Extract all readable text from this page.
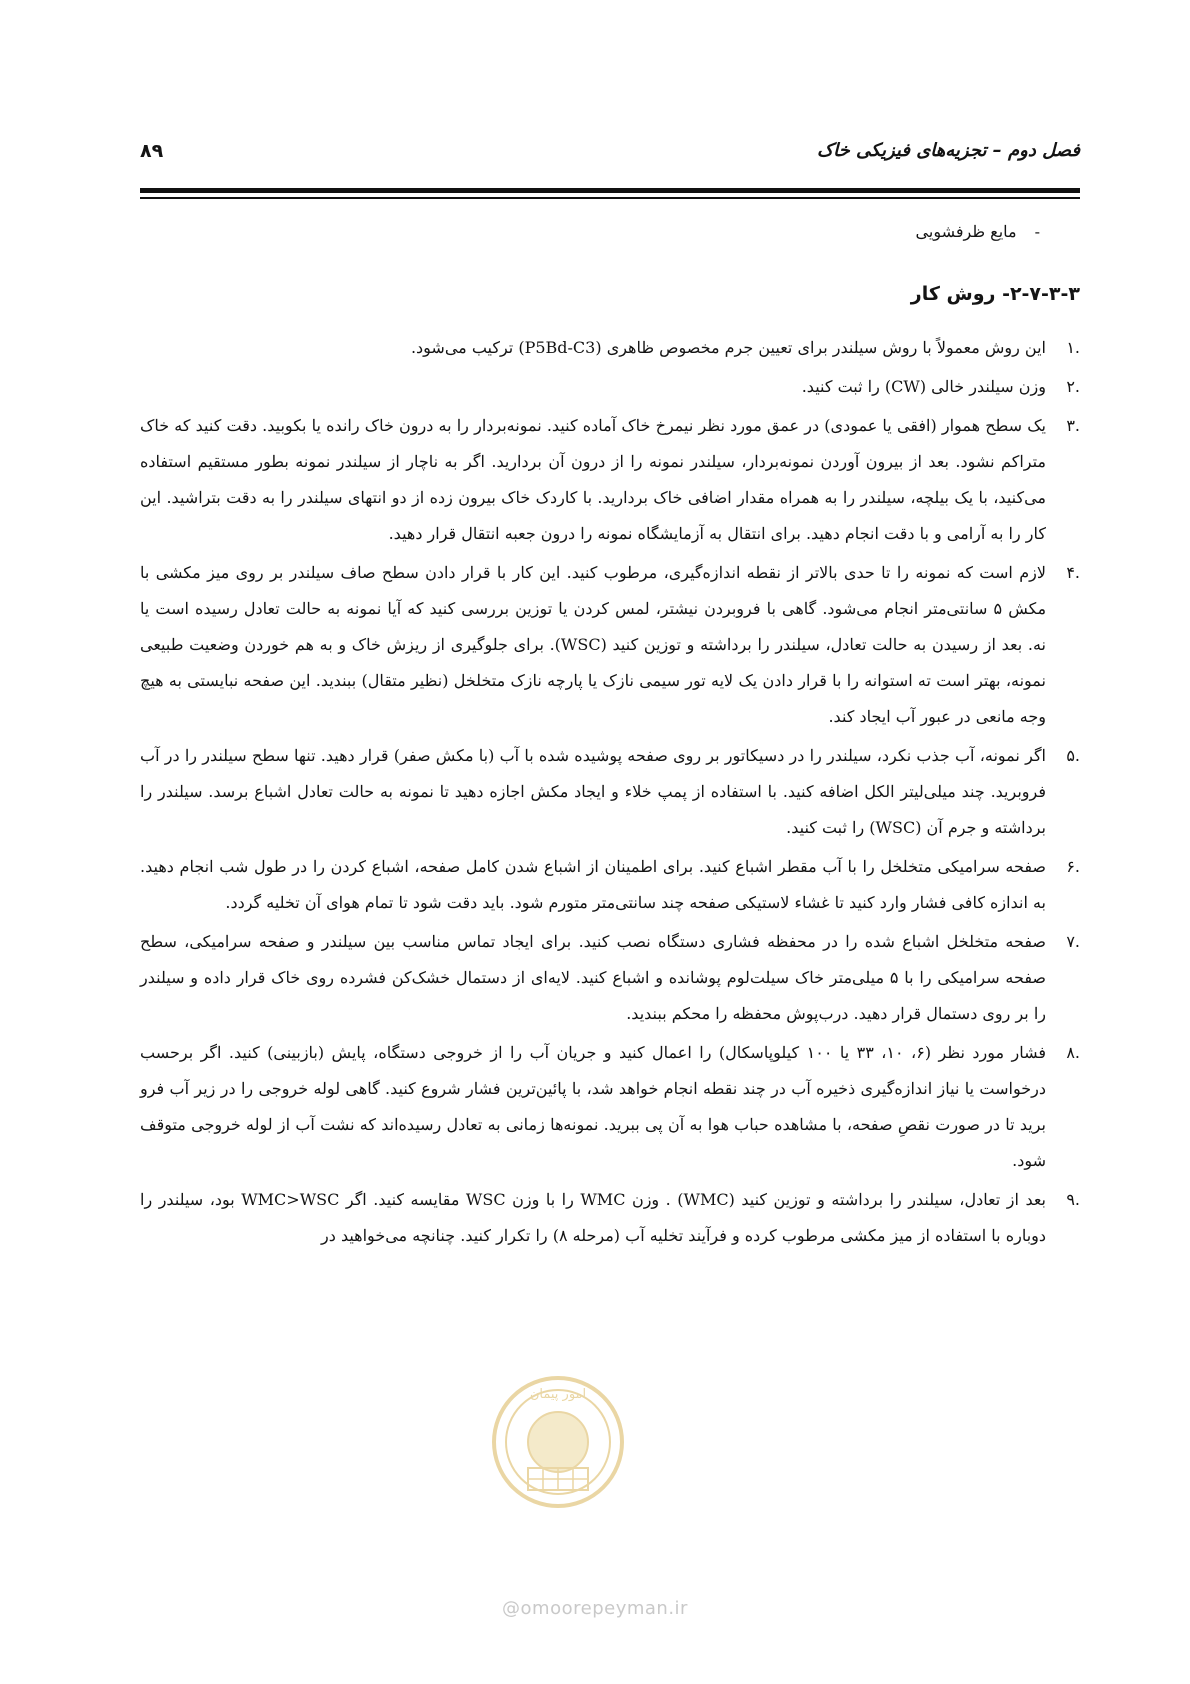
فصل دوم – تجزیه‌های فیزیکی خاک
۸۹
-مایع ظرفشویی
۲-۷-۳-۳- روش کار
.۱
این روش معمولاً با روش سیلندر برای تعیین جرم مخصوص ظاهری (P5Bd-C3) ترکیب می‌شود.
.۲
وزن سیلندر خالی (CW) را ثبت کنید.
.۳
یک سطح هموار (افقی یا عمودی) در عمق مورد نظر نیمرخ خاک آماده کنید. نمونه‌بردار را به درون خاک رانده یا بکوبید. دقت کنید که خاک متراکم نشود. بعد از بیرون آوردن نمونه‌بردار، سیلندر نمونه را از درون آن بردارید. اگر به ناچار از سیلندر نمونه بطور مستقیم استفاده می‌کنید، با یک بیلچه، سیلندر را به همراه مقدار اضافی خاک بردارید. با کاردک خاک بیرون زده از دو انتهای سیلندر را به دقت بتراشید. این کار را به آرامی و با دقت انجام دهید. برای انتقال به آزمایشگاه نمونه را درون جعبه انتقال قرار دهید.
.۴
لازم است که نمونه را تا حدی بالاتر از نقطه اندازه‌گیری، مرطوب کنید. این کار با قرار دادن سطح صاف سیلندر بر روی میز مکشی با مکش ۵ سانتی‌متر انجام می‌شود. گاهی با فروبردن نیشتر، لمس کردن یا توزین بررسی کنید که آیا نمونه به حالت تعادل رسیده است یا نه. بعد از رسیدن به حالت تعادل، سیلندر را برداشته و توزین کنید (WSC). برای جلوگیری از ریزش خاک و به هم خوردن وضعیت طبیعی نمونه، بهتر است ته استوانه را با قرار دادن یک لایه تور سیمی نازک یا پارچه نازک متخلخل (نظیر متقال) ببندید. این صفحه نبایستی به هیچ وجه مانعی در عبور آب ایجاد کند.
.۵
اگر نمونه، آب جذب نکرد، سیلندر را در دسیکاتور بر روی صفحه پوشیده شده با آب (با مکش صفر) قرار دهید. تنها سطح سیلندر را در آب فروبرید. چند میلی‌لیتر الکل اضافه کنید. با استفاده از پمپ خلاء و ایجاد مکش اجازه دهید تا نمونه به حالت تعادل اشباع برسد. سیلندر را برداشته و جرم آن (WSC) را ثبت کنید.
.۶
صفحه سرامیکی متخلخل را با آب مقطر اشباع کنید. برای اطمینان از اشباع شدن کامل صفحه، اشباع کردن را در طول شب انجام دهید. به اندازه کافی فشار وارد کنید تا غشاء لاستیکی صفحه چند سانتی‌متر متورم شود. باید دقت شود تا تمام هوای آن تخلیه گردد.
.۷
صفحه متخلخل اشباع شده را در محفظه فشاری دستگاه نصب کنید. برای ایجاد تماس مناسب بین سیلندر و صفحه سرامیکی، سطح صفحه سرامیکی را با ۵ میلی‌متر خاک سیلت‌لوم پوشانده و اشباع کنید. لایه‌ای از دستمال خشک‌کن فشرده روی خاک قرار داده و سیلندر را بر روی دستمال قرار دهید. درب‌پوش محفظه را محکم ببندید.
.۸
فشار مورد نظر (۶، ۱۰، ۳۳ یا ۱۰۰ کیلوپاسکال) را اعمال کنید و جریان آب را از خروجی دستگاه، پایش (بازبینی) کنید. اگر برحسب درخواست یا نیاز اندازه‌گیری ذخیره آب در چند نقطه انجام خواهد شد، با پائین‌ترین فشار شروع کنید. گاهی لوله خروجی را در زیر آب فرو برید تا در صورت نقصِ صفحه، با مشاهده حباب هوا به آن پی ببرید. نمونه‌ها زمانی به تعادل رسیده‌اند که نشت آب از لوله خروجی متوقف شود.
.۹
بعد از تعادل، سیلندر را برداشته و توزین کنید (WMC) . وزن WMC را با وزن WSC مقایسه کنید. اگر WMC>WSC بود، سیلندر را دوباره با استفاده از میز مکشی مرطوب کرده و فرآیند تخلیه آب (مرحله ۸) را تکرار کنید. چنانچه می‌خواهید در
امور پیمان
@omoorepeyman.ir
